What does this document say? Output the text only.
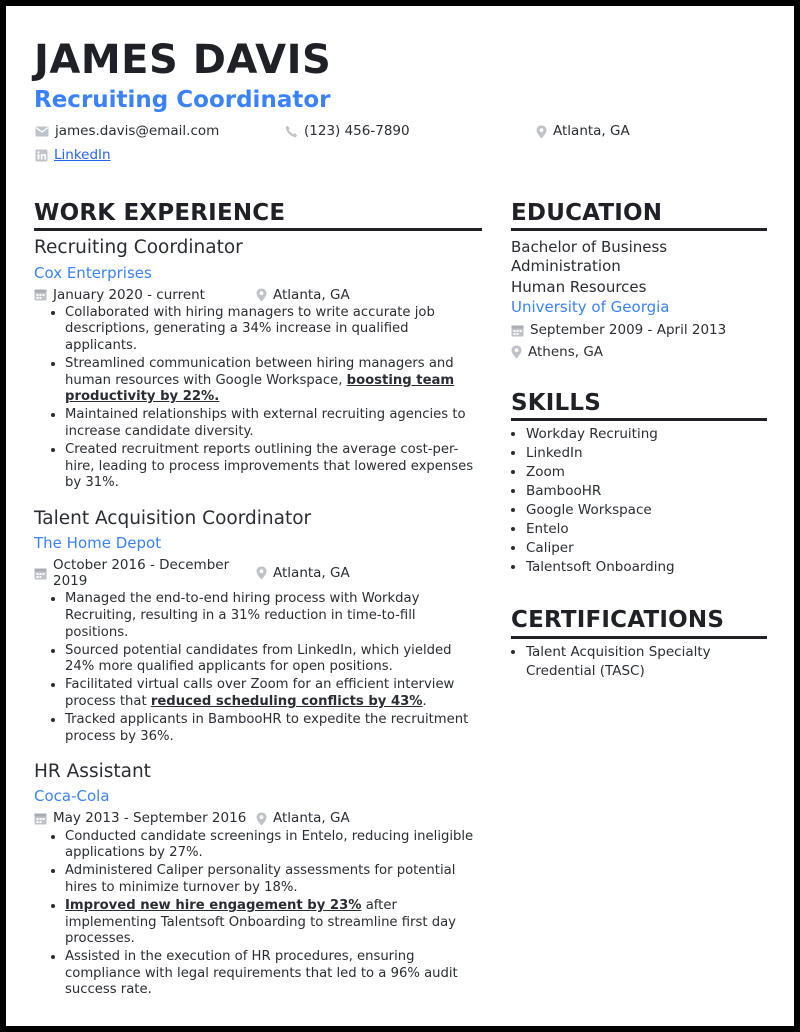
JAMES DAVIS
Recruiting Coordinator
james.davis@email.com	(123) 456-7890	Atlanta, GA
LinkedIn
WORK EXPERIENCE
Recruiting Coordinator
Cox Enterprises
January 2020 - current	Atlanta, GA
• Collaborated with hiring managers to write accurate job descriptions, generating a 34% increase in qualified applicants.
• Streamlined communication between hiring managers and human resources with Google Workspace, boosting team productivity by 22%.
• Maintained relationships with external recruiting agencies to increase candidate diversity.
• Created recruitment reports outlining the average cost-per-hire, leading to process improvements that lowered expenses by 31%.
Talent Acquisition Coordinator
The Home Depot
October 2016 - December 2019
Atlanta, GA
• Managed the end-to-end hiring process with Workday Recruiting, resulting in a 31% reduction in time-to-fill positions.
• Sourced potential candidates from LinkedIn, which yielded 24% more qualified applicants for open positions.
• Facilitated virtual calls over Zoom for an efficient interview process that reduced scheduling conflicts by 43%.
• Tracked applicants in BambooHR to expedite the recruitment process by 36%.
HR Assistant
Coca-Cola
May 2013 - September 2016 Atlanta, GA
• Conducted candidate screenings in Entelo, reducing ineligible applications by 27%.
• Administered Caliper personality assessments for potential hires to minimize turnover by 18%.
• Improved new hire engagement by 23% after implementing Talentsoft Onboarding to streamline first day processes.
• Assisted in the execution of HR procedures, ensuring compliance with legal requirements that led to a 96% audit success rate.
EDUCATION
Bachelor of Business Administration
Human Resources
University of Georgia
September 2009 - April 2013
Athens, GA
SKILLS
• Workday Recruiting
• LinkedIn
• Zoom
• BambooHR
• Google Workspace
• Entelo
• Caliper
• Talentsoft Onboarding
CERTIFICATIONS
• Talent Acquisition Specialty Credential (TASC)
